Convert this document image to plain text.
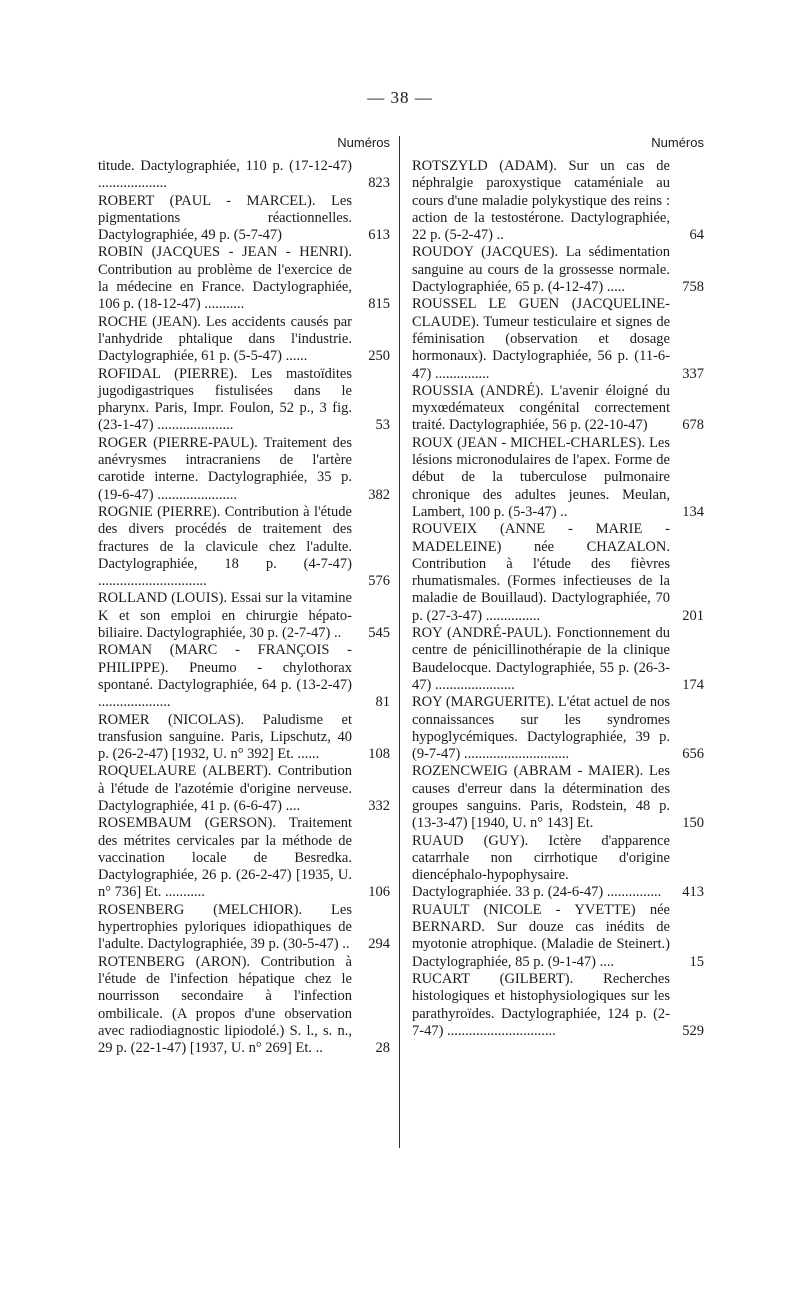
— 38 —
Numéros
titude. Dactylographiée, 110 p. (17-12-47) ...................	823
ROBERT (PAUL - MARCEL). Les pigmentations réactionnelles. Dactylographiée, 49 p. (5-7-47)	613
ROBIN (JACQUES - JEAN - HENRI). Contribution au problème de l'exercice de la médecine en France. Dactylographiée, 106 p. (18-12-47) ...........	815
ROCHE (JEAN). Les accidents causés par l'anhydride phtalique dans l'industrie. Dactylographiée, 61 p. (5-5-47) ......	250
ROFIDAL (PIERRE). Les mastoïdites jugodigastriques fistulisées dans le pharynx. Paris, Impr. Foulon, 52 p., 3 fig. (23-1-47) .....................	53
ROGER (PIERRE-PAUL). Traitement des anévrysmes intracraniens de l'artère carotide interne. Dactylographiée, 35 p. (19-6-47) ......................	382
ROGNIE (PIERRE). Contribution à l'étude des divers procédés de traitement des fractures de la clavicule chez l'adulte. Dactylographiée, 18 p. (4-7-47) ..............................	576
ROLLAND (LOUIS). Essai sur la vitamine K et son emploi en chirurgie hépato-biliaire. Dactylographiée, 30 p. (2-7-47) ..	545
ROMAN (MARC - FRANÇOIS - PHILIPPE). Pneumo - chylothorax spontané. Dactylographiée, 64 p. (13-2-47) ....................	81
ROMER (NICOLAS). Paludisme et transfusion sanguine. Paris, Lipschutz, 40 p. (26-2-47) [1932, U. n° 392] Et. ......	108
ROQUELAURE (ALBERT). Contribution à l'étude de l'azotémie d'origine nerveuse. Dactylographiée, 41 p. (6-6-47) ....	332
ROSEMBAUM (GERSON). Traitement des métrites cervicales par la méthode de vaccination locale de Besredka. Dactylographiée, 26 p. (26-2-47) [1935, U. n° 736] Et. ...........	106
ROSENBERG (MELCHIOR). Les hypertrophies pyloriques idiopathiques de l'adulte. Dactylographiée, 39 p. (30-5-47) ..	294
ROTENBERG (ARON). Contribution à l'étude de l'infection hépatique chez le nourrisson secondaire à l'infection ombilicale. (A propos d'une observation avec radiodiagnostic lipiodolé.) S. l., s. n., 29 p. (22-1-47) [1937, U. n° 269] Et. ..	28
Numéros
ROTSZYLD (ADAM). Sur un cas de néphralgie paroxystique cataméniale au cours d'une maladie polykystique des reins : action de la testostérone. Dactylographiée, 22 p. (5-2-47) ..	64
ROUDOY (JACQUES). La sédimentation sanguine au cours de la grossesse normale. Dactylographiée, 65 p. (4-12-47) .....	758
ROUSSEL LE GUEN (JACQUELINE-CLAUDE). Tumeur testiculaire et signes de féminisation (observation et dosage hormonaux). Dactylographiée, 56 p. (11-6-47) ...............	337
ROUSSIA (ANDRÉ). L'avenir éloigné du myxœdémateux congénital correctement traité. Dactylographiée, 56 p. (22-10-47)	678
ROUX (JEAN - MICHEL-CHARLES). Les lésions micronodulaires de l'apex. Forme de début de la tuberculose pulmonaire chronique des adultes jeunes. Meulan, Lambert, 100 p. (5-3-47) ..	134
ROUVEIX (ANNE - MARIE - MADELEINE) née CHAZALON. Contribution à l'étude des fièvres rhumatismales. (Formes infectieuses de la maladie de Bouillaud). Dactylographiée, 70 p. (27-3-47) ...............	201
ROY (ANDRÉ-PAUL). Fonctionnement du centre de pénicillinothérapie de la clinique Baudelocque. Dactylographiée, 55 p. (26-3-47) ......................	174
ROY (MARGUERITE). L'état actuel de nos connaissances sur les syndromes hypoglycémiques. Dactylographiée, 39 p. (9-7-47) .............................	656
ROZENCWEIG (ABRAM - MAIER). Les causes d'erreur dans la détermination des groupes sanguins. Paris, Rodstein, 48 p. (13-3-47) [1940, U. n° 143] Et.	150
RUAUD (GUY). Ictère d'apparence catarrhale non cirrhotique d'origine diencéphalo-hypophysaire. Dactylographiée. 33 p. (24-6-47) ...............	413
RUAULT (NICOLE - YVETTE) née BERNARD. Sur douze cas inédits de myotonie atrophique. (Maladie de Steinert.) Dactylographiée, 85 p. (9-1-47) ....	15
RUCART (GILBERT). Recherches histologiques et histophysiologiques sur les parathyroïdes. Dactylographiée, 124 p. (2-7-47) ..............................	529
